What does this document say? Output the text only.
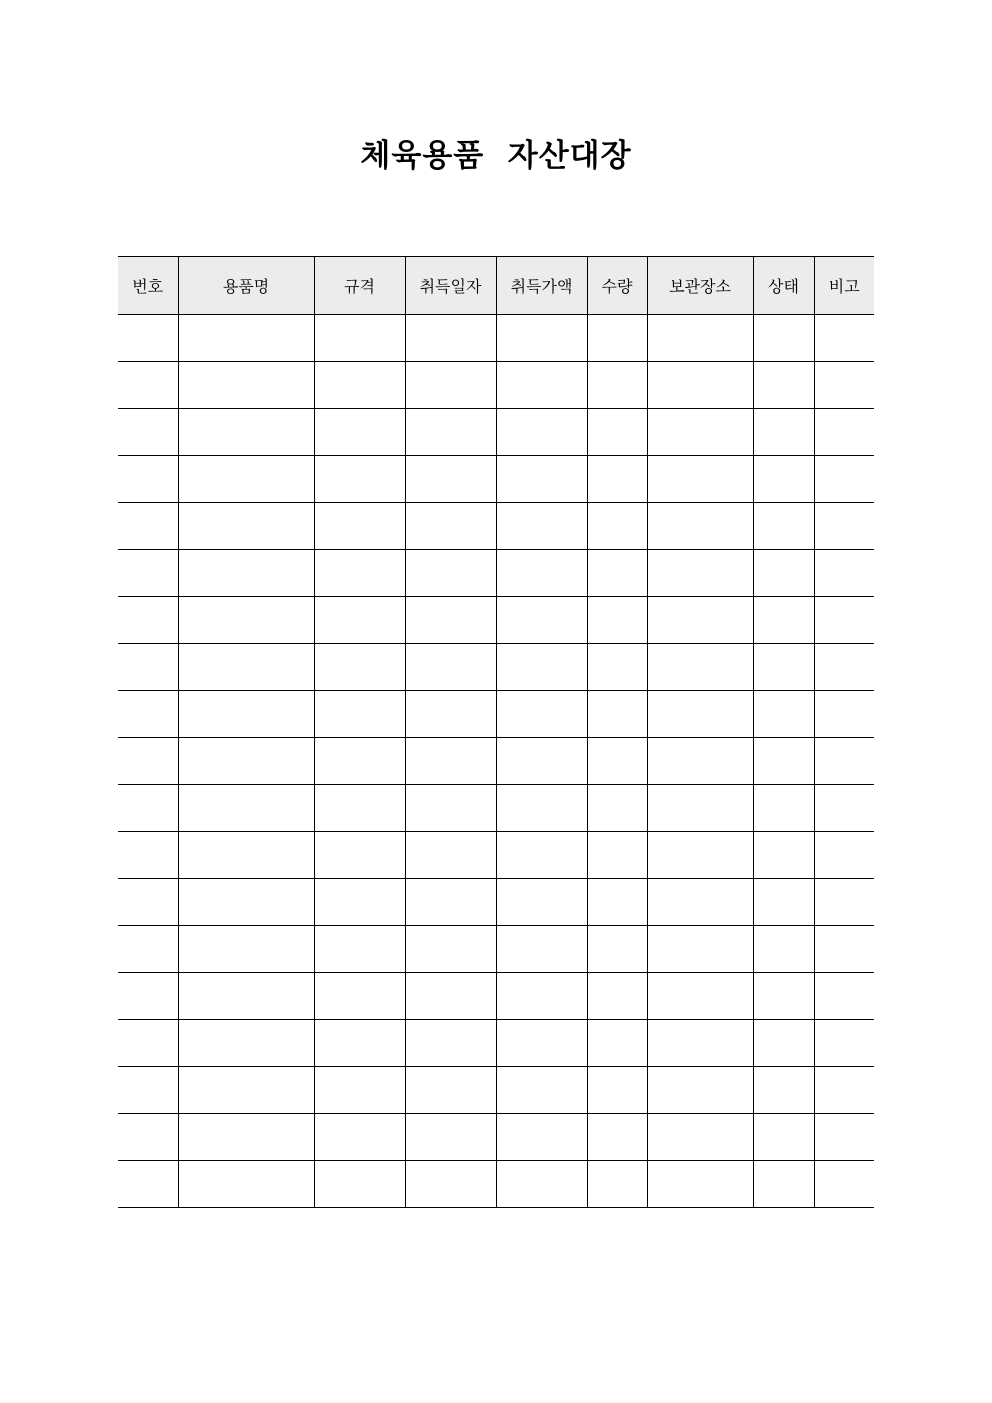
체육용품  자산대장
번호	용품명	규격	취득일자	취득가액	수량	보관장소	상태	비고
